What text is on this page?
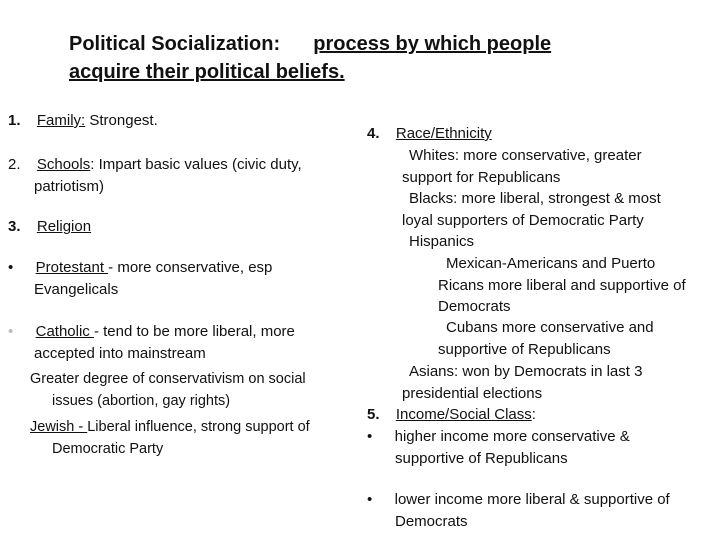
Political Socialization: process by which people
acquire their political beliefs.
1. Family: Strongest.
2. Schools: Impart basic values (civic duty,
patriotism)
3. Religion
• Protestant - more conservative, esp
Evangelicals
• Catholic - tend to be more liberal, more
accepted into mainstream
Greater degree of conservativism on social
issues (abortion, gay rights)
Jewish - Liberal influence, strong support of
Democratic Party
4. Race/Ethnicity
Whites: more conservative, greater
support for Republicans
Blacks: more liberal, strongest & most
loyal supporters of Democratic Party
Hispanics
Mexican-Americans and Puerto
Ricans more liberal and supportive of
Democrats
Cubans more conservative and
supportive of Republicans
Asians: won by Democrats in last 3
presidential elections
5. Income/Social Class:
• higher income more conservative &
supportive of Republicans
• lower income more liberal & supportive of
Democrats
